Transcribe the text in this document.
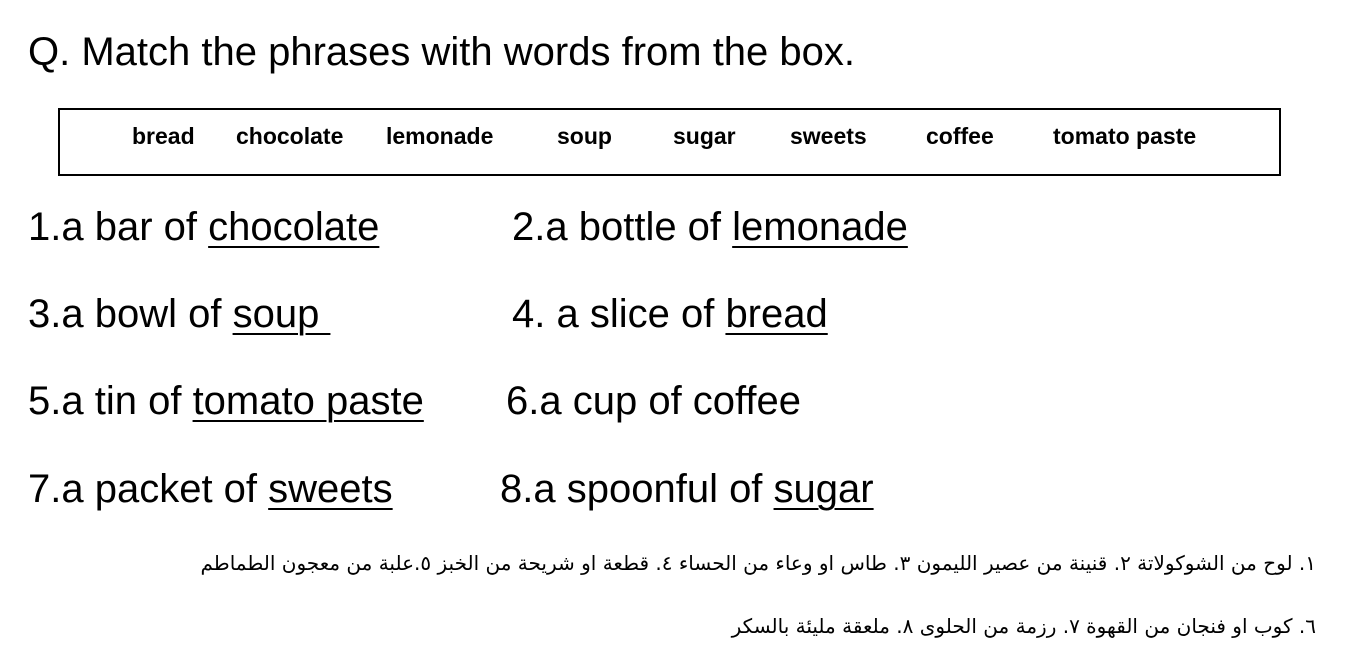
Q. Match the phrases with words from the box.
bread chocolate lemonade	soup	sugar sweets	coffee	tomato paste
1.a bar of chocolate	2.a bottle of lemonade
3.a bowl of soup	4. a slice of bread
5.a tin of tomato paste 6.a cup of coffee
7.a packet of sweets	8.a spoonful of sugar
١. لوح من الشوكولاتة ٢. قنينة من عصير الليمون ٣. طاس او وعاء من الحساء ٤. قطعة او شريحة من الخبز ٥.علبة من معجون الطماطم
٦. كوب او فنجان من القهوة ٧. رزمة من الحلوى ٨. ملعقة مليئة بالسكر
